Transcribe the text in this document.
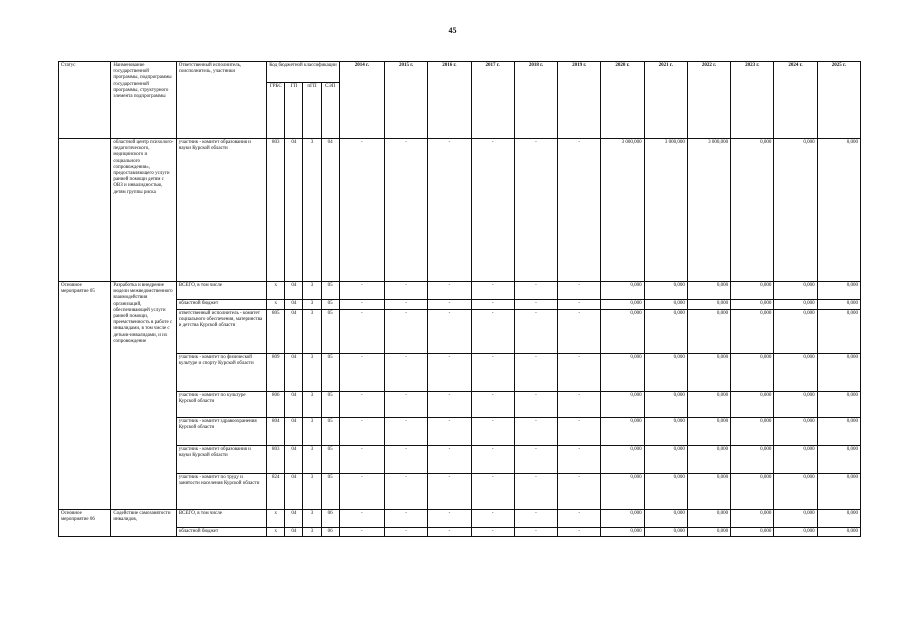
45
Статус	Наименование государственной программы, подпрограммы государственной программы, структурного элемента подпрограммы	Ответственный исполнитель, соисполнитель, участники	Код бюджетной классификации				2014 г.	2015 г.	2016 г.	2017 г.	2018 г.	2019 г.	2020 г.	2021 г.	2022 г.	2023 г.	2024 г.	2025 г.
			ГРБС	ГП	пГП	СЭП												
	областной центр психолого-педагогического, медицинского и социального сопровождения», предоставляющего услуги ранней помощи детям с ОВЗ и инвалидностью, детям группы риска	участник - комитет образования и науки Курской области	803	04	3	04	-	-	-	-	-	-	3 000,000	3 000,000	3 000,000	0,000	0,000	0,000
Основное мероприятие 05	Разработка и внедрение модели межведомственного взаимодействия организаций, обеспечивающей услуги ранней помощи, преемственность в работе с инвалидами, в том числе с детьми-инвалидами, и их сопровождение	ВСЕГО, в том числе	х	04	3	05	-	-	-	-	-	-	0,000	0,000	0,000	0,000	0,000	0,000
		областной бюджет	х	04	3	05	-	-	-	-	-	-	0,000	0,000	0,000	0,000	0,000	0,000
		ответственный исполнитель - комитет социального обеспечения, материнства и детства Курской области	805	04	3	05	-	-	-	-	-	-	0,000	0,000	0,000	0,000	0,000	0,000
		участник - комитет по физической культуре и спорту Курской области	809	04	3	05	-	-	-	-	-	-	0,000	0,000	0,000	0,000	0,000	0,000
		участник - комитет по культуре Курской области	806	04	3	05	-	-	-	-	-	-	0,000	0,000	0,000	0,000	0,000	0,000
		участник - комитет здравоохранения Курской области	804	04	3	05	-	-	-	-	-	-	0,000	0,000	0,000	0,000	0,000	0,000
		участник - комитет образования и науки Курской области	803	04	3	05	-	-	-	-	-	-	0,000	0,000	0,000	0,000	0,000	0,000
		участник - комитет по труду и занятости населения Курской области	824	04	3	05	-	-	-	-	-	-	0,000	0,000	0,000	0,000	0,000	0,000
Основное мероприятие 06	Содействие самозанятости инвалидов,	ВСЕГО, в том числе	х	04	3	06	-	-	-	-	-	-	0,000	0,000	0,000	0,000	0,000	0,000
		областной бюджет	х	04	3	06	-	-	-	-	-	-	0,000	0,000	0,000	0,000	0,000	0,000
